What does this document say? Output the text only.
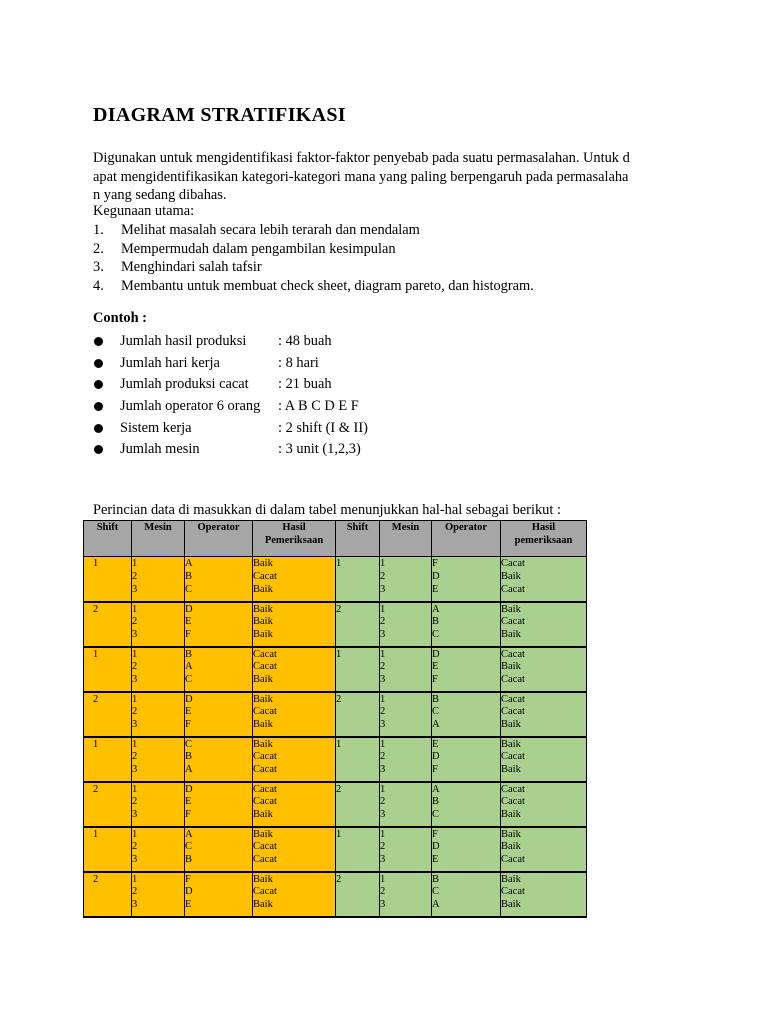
DIAGRAM STRATIFIKASI

Digunakan untuk mengidentifikasi faktor-faktor penyebab pada suatu permasalahan. Untuk d
apat mengidentifikasikan kategori-kategori mana yang paling berpengaruh pada permasalaha
n yang sedang dibahas.

Kegunaan utama:
1.	Melihat masalah secara lebih terarah dan mendalam
2.	Mempermudah dalam pengambilan kesimpulan
3.	Menghindari salah tafsir
4.	Membantu untuk membuat check sheet, diagram pareto, dan histogram.
Contoh :
Jumlah hasil produksi	: 48 buah
Jumlah hari kerja	: 8 hari
Jumlah produksi cacat	: 21 buah
Jumlah operator 6 orang	: A B C D E F
Sistem kerja	: 2 shift (I & II)
Jumlah mesin	: 3 unit (1,2,3)
Perincian data di masukkan di dalam tabel menunjukkan hal-hal sebagai berikut :
Shift	Mesin	Operator	Hasil Pemeriksaan	Shift	Mesin	Operator	Hasil pemeriksaan
1	1
2
3	A
B
C	Baik
Cacat
Baik	1	1
2
3	F
D
E	Cacat
Baik
Cacat

2	1
2
3	D
E
F	Baik
Baik
Baik	2	1
2
3	A
B
C	Baik
Cacat
Baik

1	1
2
3	B
A
C	Cacat
Cacat
Baik	1	1
2
3	D
E
F	Cacat
Baik
Cacat

2	1
2
3	D
E
F	Baik
Cacat
Baik	2	1
2
3	B
C
A	Cacat
Cacat
Baik

1	1
2
3	C
B
A	Baik
Cacat
Cacat	1	1
2
3	E
D
F	Baik
Cacat
Baik

2	1
2
3	D
E
F	Cacat
Cacat
Baik	2	1
2
3	A
B
C	Cacat
Cacat
Baik

1	1
2
3	A
C
B	Baik
Cacat
Cacat	1	1
2
3	F
D
E	Baik
Baik
Cacat

2	1
2
3	F
D
E	Baik
Cacat
Baik	2	1
2
3	B
C
A	Baik
Cacat
Baik
